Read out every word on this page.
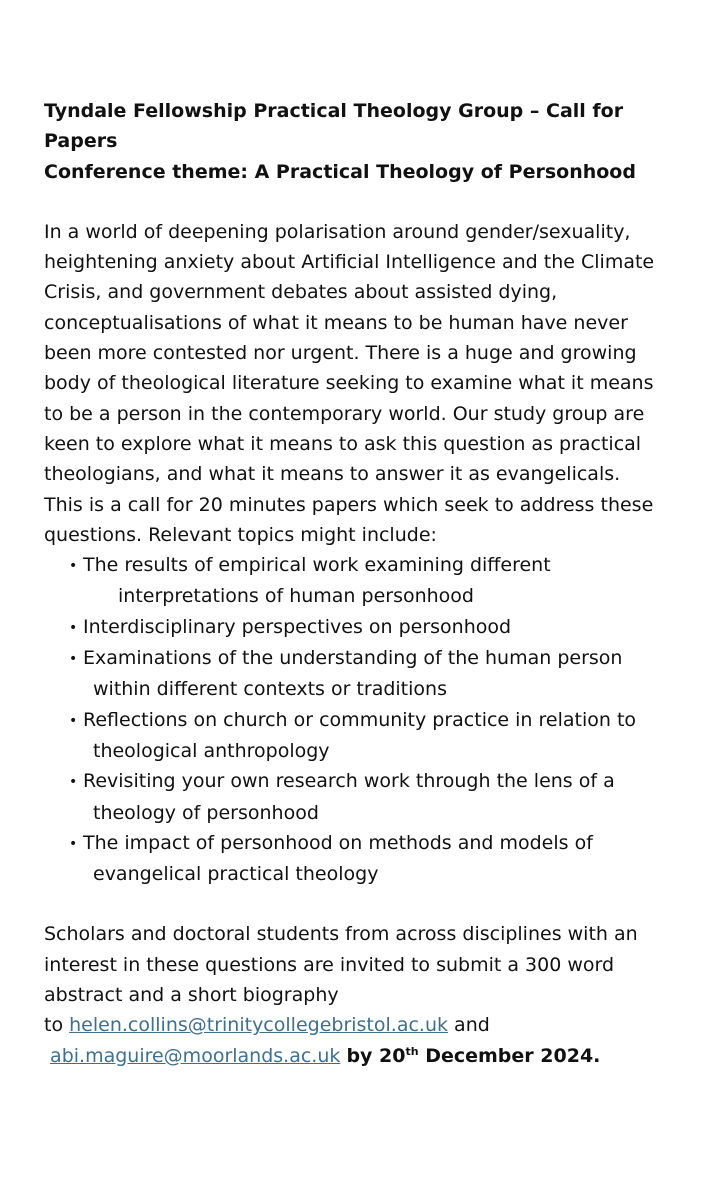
Tyndale Fellowship Practical Theology Group – Call for Papers
Conference theme: A Practical Theology of Personhood

In a world of deepening polarisation around gender/sexuality,
heightening anxiety about Artificial Intelligence and the Climate
Crisis, and government debates about assisted dying,
conceptualisations of what it means to be human have never
been more contested nor urgent. There is a huge and growing
body of theological literature seeking to examine what it means
to be a person in the contemporary world. Our study group are
keen to explore what it means to ask this question as practical
theologians, and what it means to answer it as evangelicals.
This is a call for 20 minutes papers which seek to address these
questions. Relevant topics might include:

• The results of empirical work examining different
interpretations of human personhood
• Interdisciplinary perspectives on personhood
• Examinations of the understanding of the human person
within different contexts or traditions
• Reflections on church or community practice in relation to
theological anthropology
• Revisiting your own research work through the lens of a
theology of personhood
• The impact of personhood on methods and models of
evangelical practical theology

Scholars and doctoral students from across disciplines with an
interest in these questions are invited to submit a 300 word
abstract and a short biography

to helen.collins@trinitycollegebristol.ac.uk and

abi.maguire@moorlands.ac.uk by 20th December 2024.
